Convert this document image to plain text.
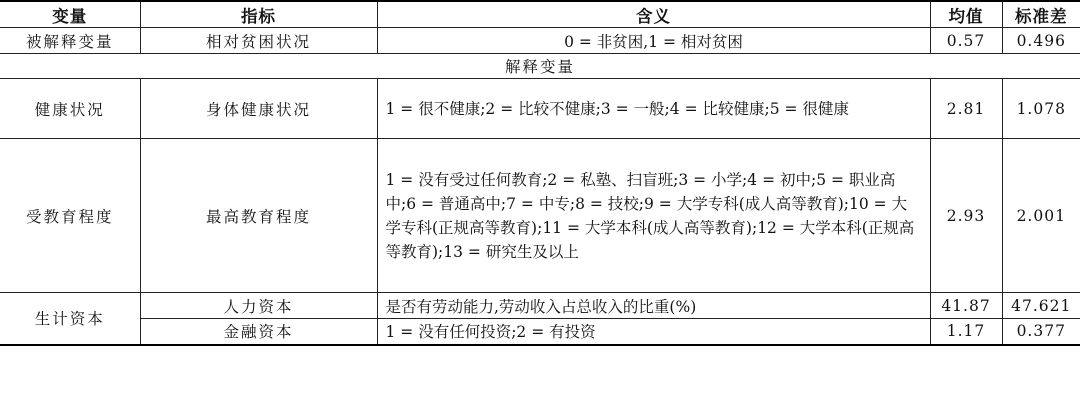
变量	指标	含义	均值	标准差
被解释变量	相对贫困状况	0 = 非贫困,1 = 相对贫困	0.57	0.496
解释变量				
健康状况	身体健康状况	1 = 很不健康;2 = 比较不健康;3 = 一般;4 = 比较健康;5 = 很健康	2.81	1.078
受教育程度	最高教育程度	1 = 没有受过任何教育;2 = 私塾、扫盲班;3 = 小学;4 = 初中;5 = 职业高中;6 = 普通高中;7 = 中专;8 = 技校;9 = 大学专科(成人高等教育);10 = 大学专科(正规高等教育);11 = 大学本科(成人高等教育);12 = 大学本科(正规高等教育);13 = 研究生及以上	2.93	2.001
生计资本	人力资本	是否有劳动能力,劳动收入占总收入的比重(%)	41.87	47.621
	金融资本	1 = 没有任何投资;2 = 有投资	1.17	0.377
